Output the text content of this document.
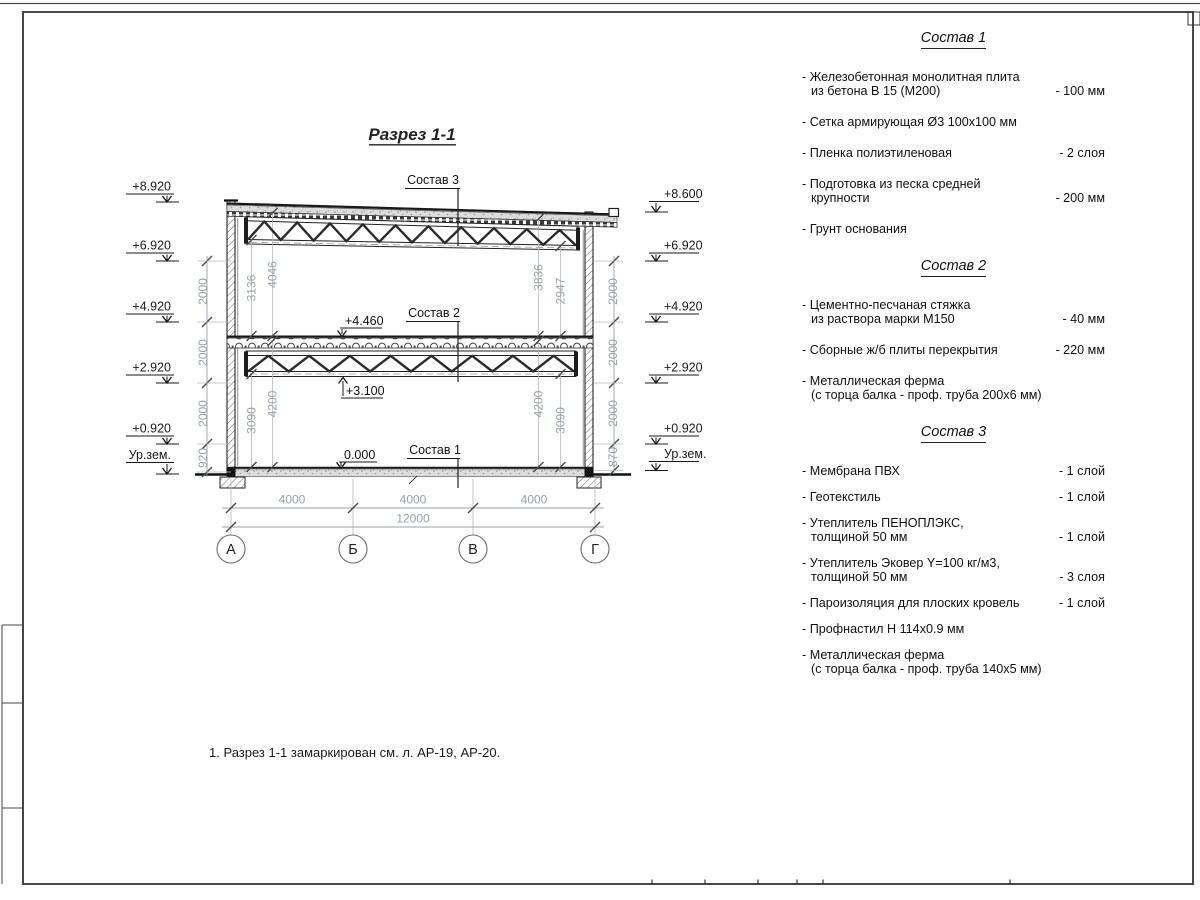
Разрез 1-1
+8.920
+6.920
+4.920
+2.920
+0.920
Ур.зем.
+8.600
+6.920
+4.920
+2.920
+0.920
Ур.зем.
2000
2000
2000
920
2000
2000
2000
870
3136
4046	3836
2947
3090
4200	4200
3090
+4.460
+3.100
0.000
Состав 3
Состав 2
Состав 1
4000	4000	4000
12000
А	Б	В	Г
Состав 1
- Железобетонная монолитная плита
из бетона В 15 (М200)	- 100 мм
- Сетка армирующая Ø3 100х100 мм
- Пленка полиэтиленовая	- 2 слоя
- Подготовка из песка средней
крупности	- 200 мм
- Грунт основания
Состав 2
- Цементно-песчаная стяжка
из раствора марки М150	- 40 мм
- Сборные ж/б плиты перекрытия	- 220 мм
- Металлическая ферма
(с торца балка - проф. труба 200х6 мм)
Состав 3
- Мембрана ПВХ	- 1 слой
- Геотекстиль	- 1 слой
- Утеплитель ПЕНОПЛЭКС,
толщиной 50 мм	- 1 слой
- Утеплитель Эковер Y=100 кг/м3,
толщиной 50 мм	- 3 слоя
- Пароизоляция для плоских кровель	- 1 слой
- Профнастил Н 114х0.9 мм
- Металлическая ферма
(с торца балка - проф. труба 140х5 мм)
1. Разрез 1-1 замаркирован см. л. АР-19, АР-20.
